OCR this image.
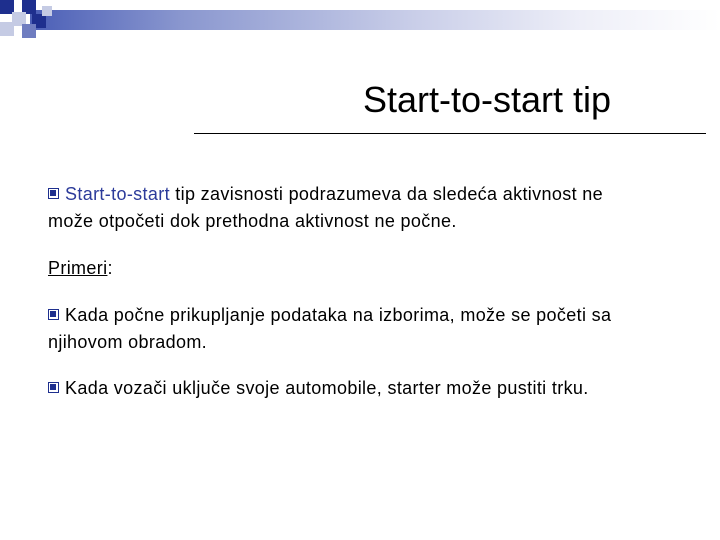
Start-to-start tip
Start-to-start tip zavisnosti podrazumeva da sledeća aktivnost ne
može otpočeti dok prethodna aktivnost ne počne.
Primeri:
Kada počne prikupljanje podataka na izborima, može se početi sa
njihovom obradom.
Kada vozači uključe svoje automobile, starter može pustiti trku.
